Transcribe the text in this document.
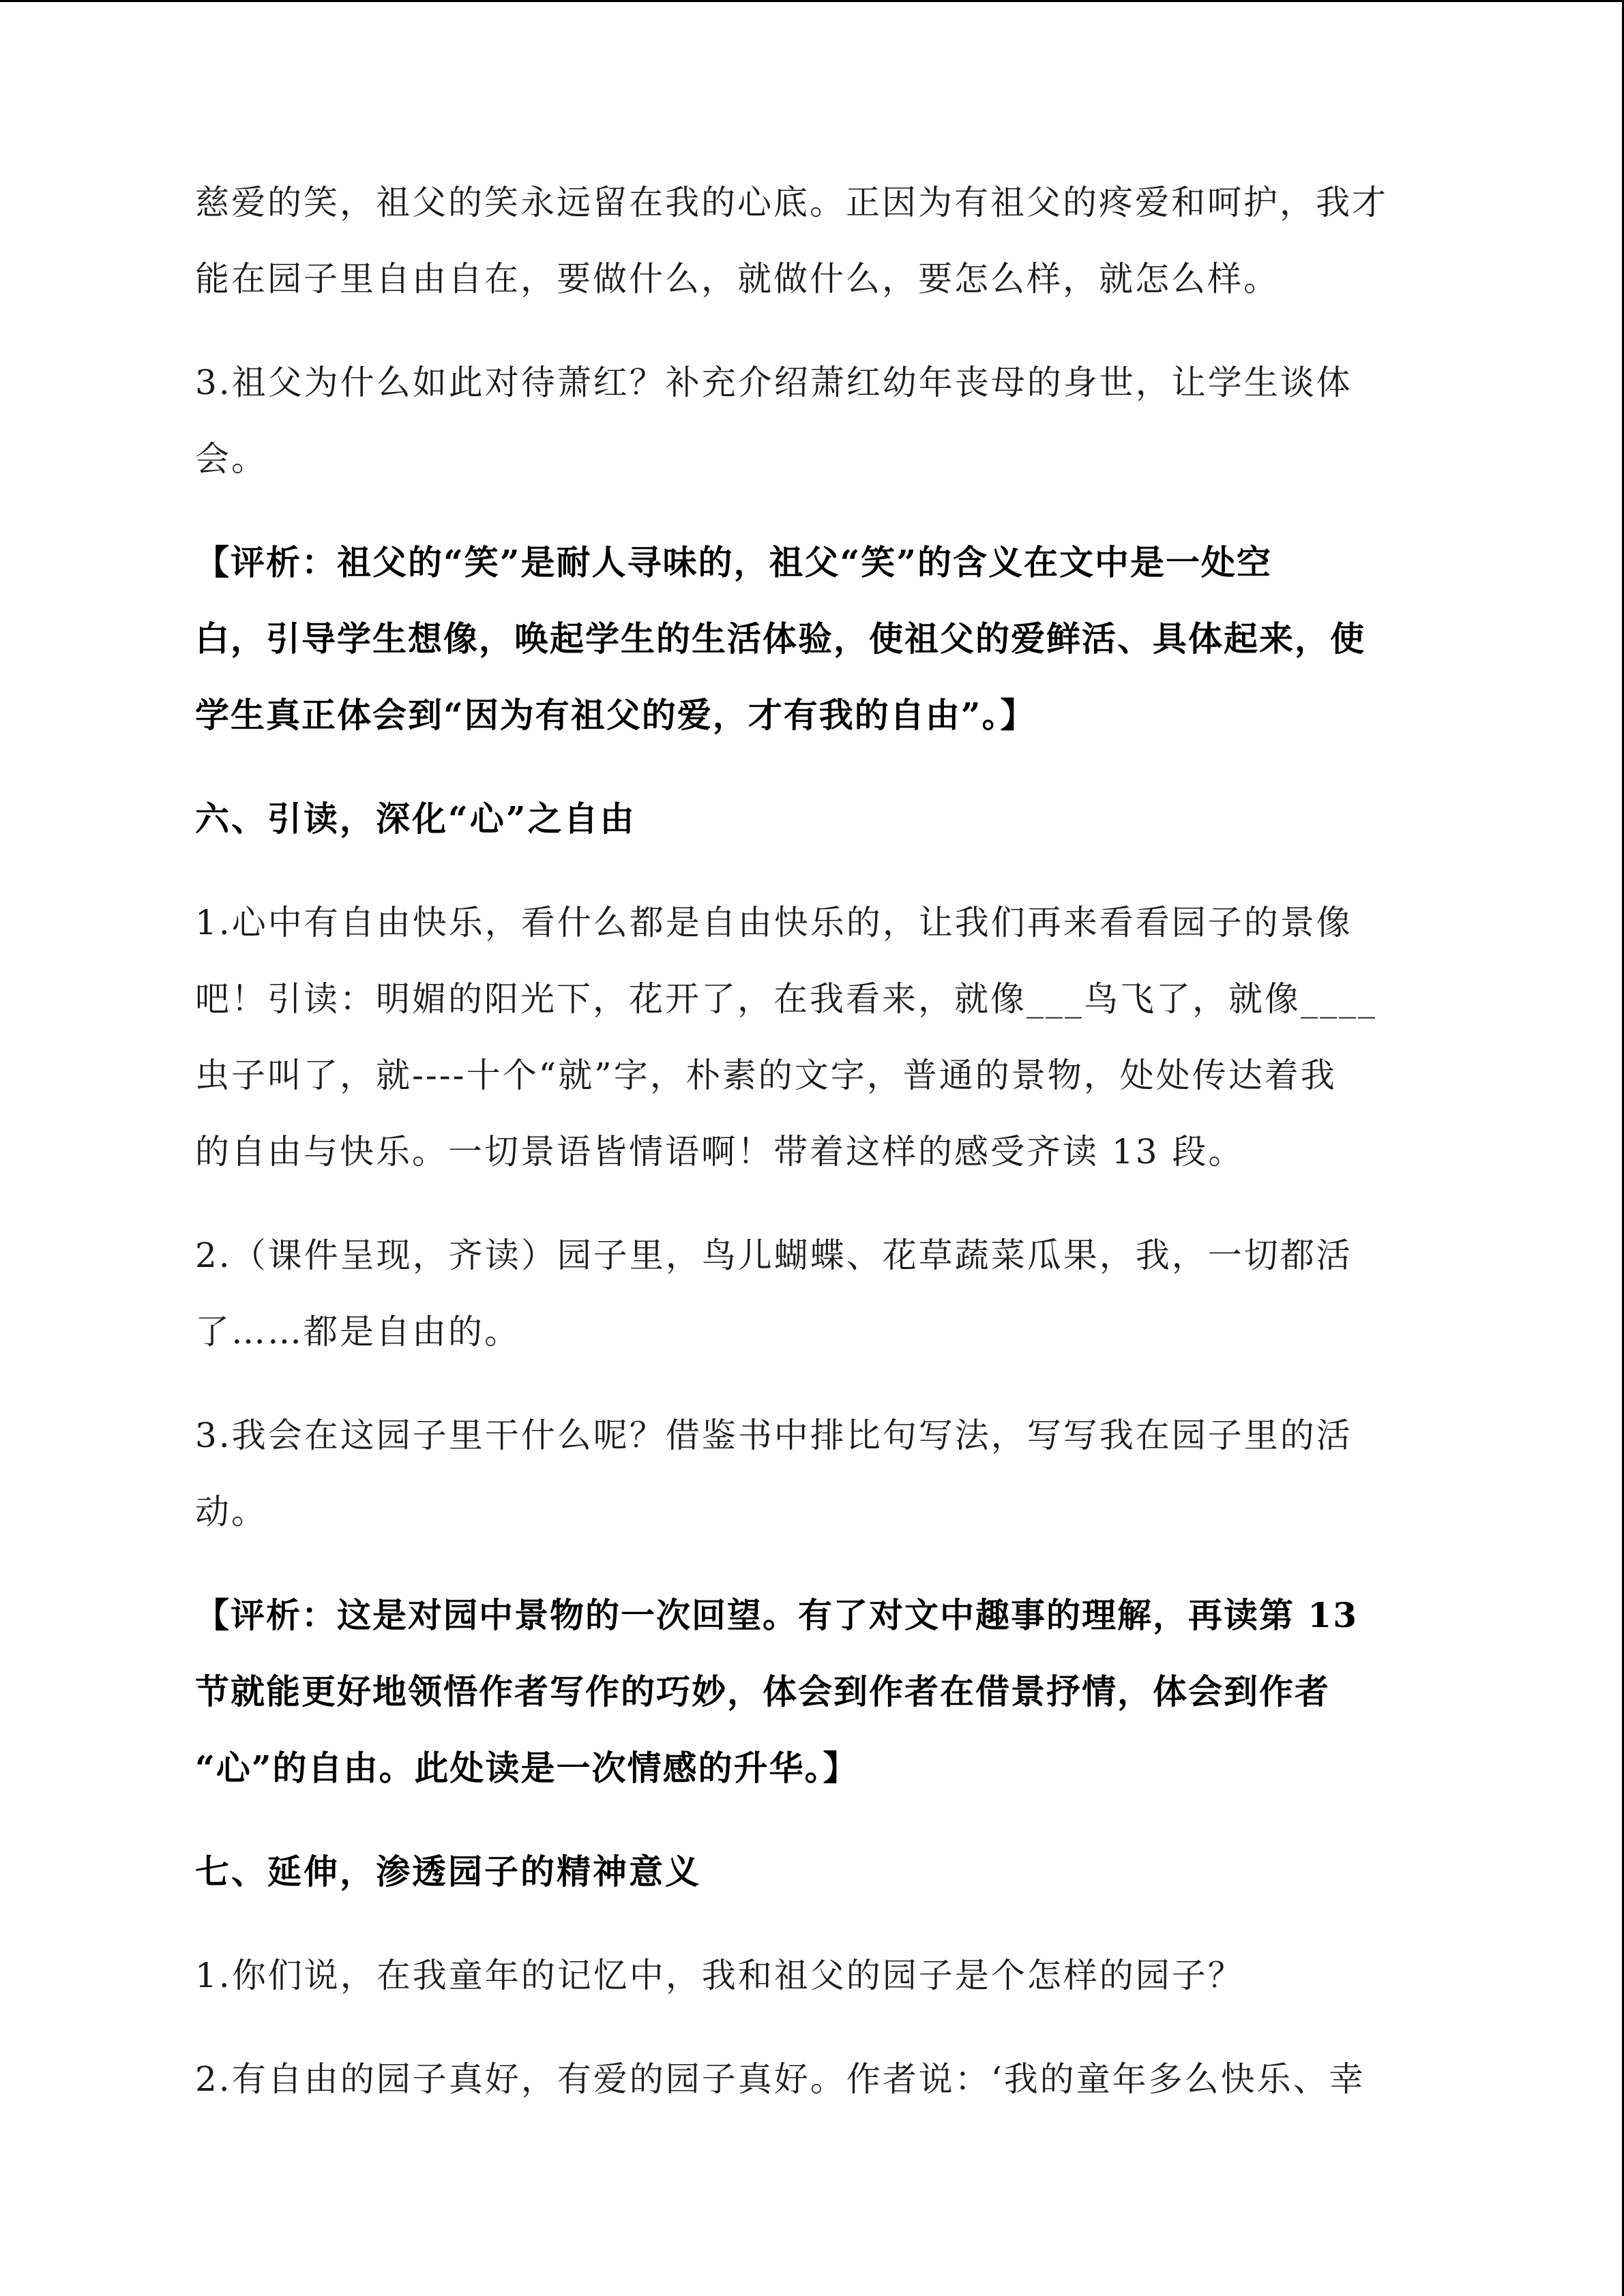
慈爱的笑，祖父的笑永远留在我的心底。正因为有祖父的疼爱和呵护，我才
能在园子里自由自在，要做什么，就做什么，要怎么样，就怎么样。

3.祖父为什么如此对待萧红？补充介绍萧红幼年丧母的身世，让学生谈体
会。

【评析：祖父的“笑”是耐人寻味的，祖父“笑”的含义在文中是一处空
白，引导学生想像，唤起学生的生活体验，使祖父的爱鲜活、具体起来，使
学生真正体会到“因为有祖父的爱，才有我的自由”。】

六、引读，深化“心”之自由

1.心中有自由快乐，看什么都是自由快乐的，让我们再来看看园子的景像
吧！引读：明媚的阳光下，花开了，在我看来，就像___鸟飞了，就像____
虫子叫了，就----十个“就”字，朴素的文字，普通的景物，处处传达着我
的自由与快乐。一切景语皆情语啊！带着这样的感受齐读 13 段。

2.（课件呈现，齐读）园子里，鸟儿蝴蝶、花草蔬菜瓜果，我，一切都活
了……都是自由的。

3.我会在这园子里干什么呢？借鉴书中排比句写法，写写我在园子里的活
动。

【评析：这是对园中景物的一次回望。有了对文中趣事的理解，再读第 13
节就能更好地领悟作者写作的巧妙，体会到作者在借景抒情，体会到作者
“心”的自由。此处读是一次情感的升华。】

七、延伸，渗透园子的精神意义

1.你们说，在我童年的记忆中，我和祖父的园子是个怎样的园子？

2.有自由的园子真好，有爱的园子真好。作者说：‘我的童年多么快乐、幸
